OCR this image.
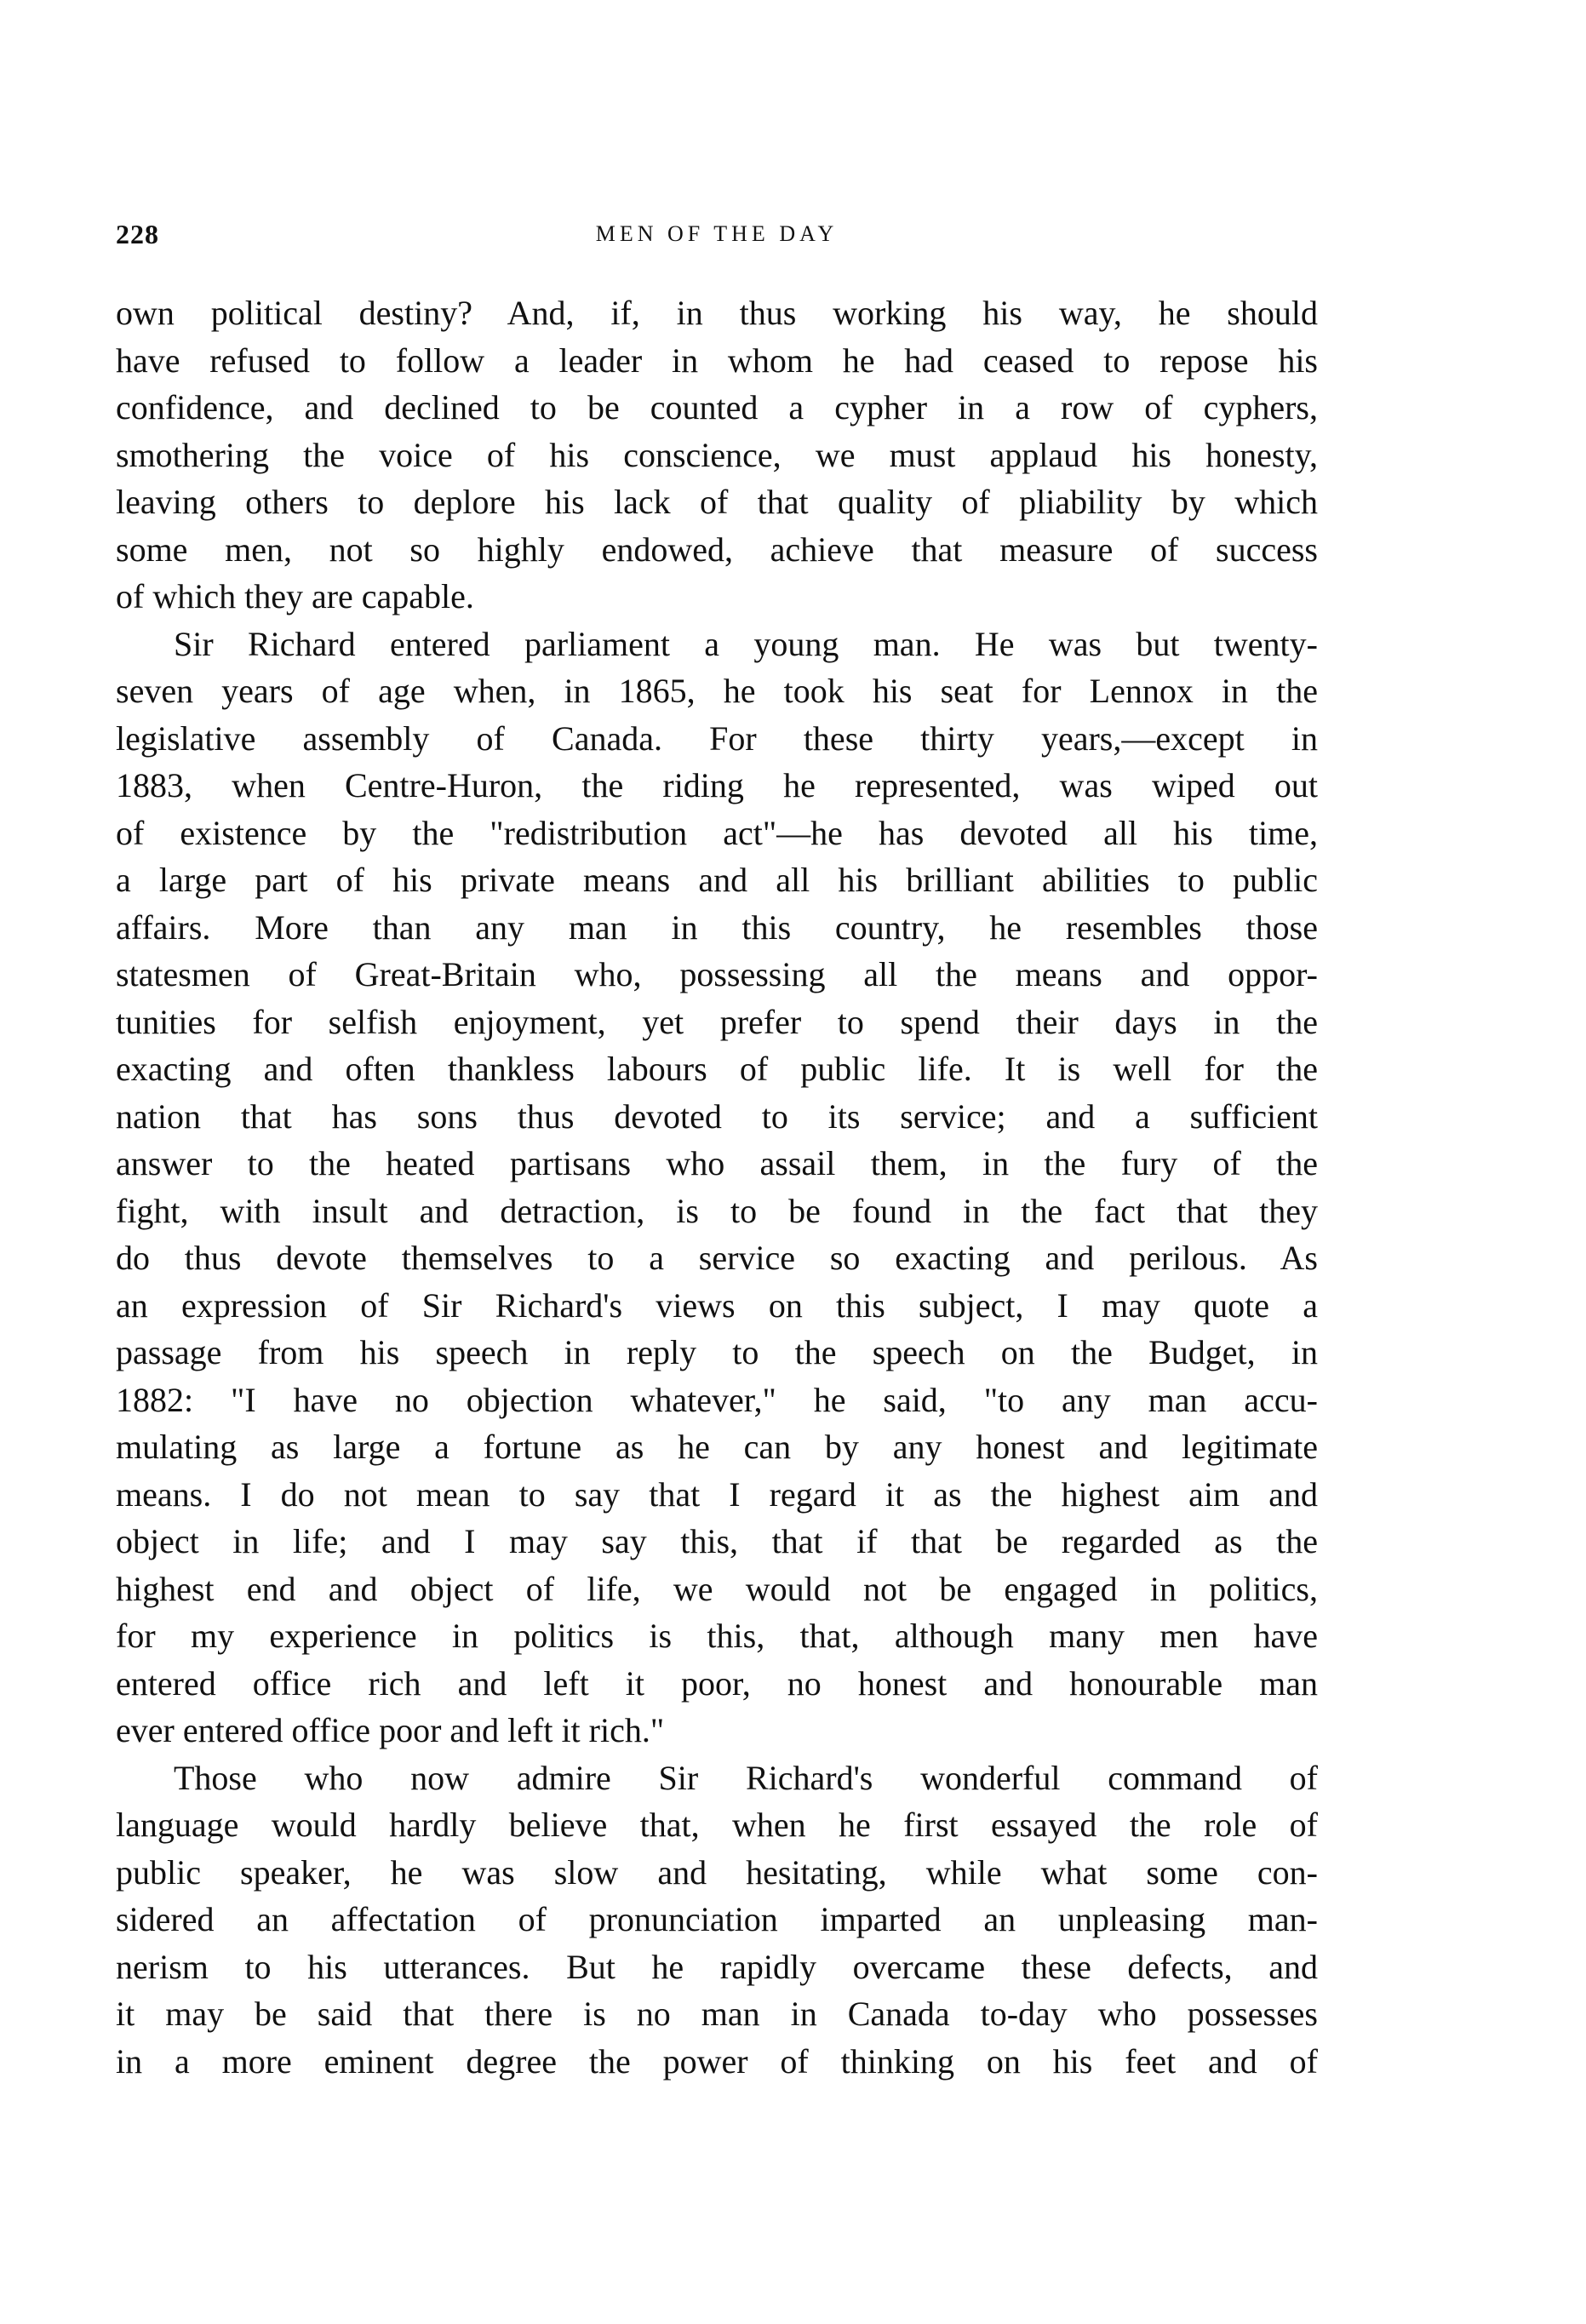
228	MEN OF THE DAY
own political destiny? And, if, in thus working his way, he should
have refused to follow a leader in whom he had ceased to repose his
confidence, and declined to be counted a cypher in a row of cyphers,
smothering the voice of his conscience, we must applaud his honesty,
leaving others to deplore his lack of that quality of pliability by which
some men, not so highly endowed, achieve that measure of success
of which they are capable.
Sir Richard entered parliament a young man. He was but twenty-
seven years of age when, in 1865, he took his seat for Lennox in the
legislative assembly of Canada. For these thirty years,—except in
1883, when Centre-Huron, the riding he represented, was wiped out
of existence by the "redistribution act"—he has devoted all his time,
a large part of his private means and all his brilliant abilities to public
affairs. More than any man in this country, he resembles those
statesmen of Great-Britain who, possessing all the means and oppor-
tunities for selfish enjoyment, yet prefer to spend their days in the
exacting and often thankless labours of public life. It is well for the
nation that has sons thus devoted to its service; and a sufficient
answer to the heated partisans who assail them, in the fury of the
fight, with insult and detraction, is to be found in the fact that they
do thus devote themselves to a service so exacting and perilous. As
an expression of Sir Richard's views on this subject, I may quote a
passage from his speech in reply to the speech on the Budget, in
1882: "I have no objection whatever," he said, "to any man accu-
mulating as large a fortune as he can by any honest and legitimate
means. I do not mean to say that I regard it as the highest aim and
object in life; and I may say this, that if that be regarded as the
highest end and object of life, we would not be engaged in politics,
for my experience in politics is this, that, although many men have
entered office rich and left it poor, no honest and honourable man
ever entered office poor and left it rich."
Those who now admire Sir Richard's wonderful command of
language would hardly believe that, when he first essayed the role of
public speaker, he was slow and hesitating, while what some con-
sidered an affectation of pronunciation imparted an unpleasing man-
nerism to his utterances. But he rapidly overcame these defects, and
it may be said that there is no man in Canada to-day who possesses
in a more eminent degree the power of thinking on his feet and of
